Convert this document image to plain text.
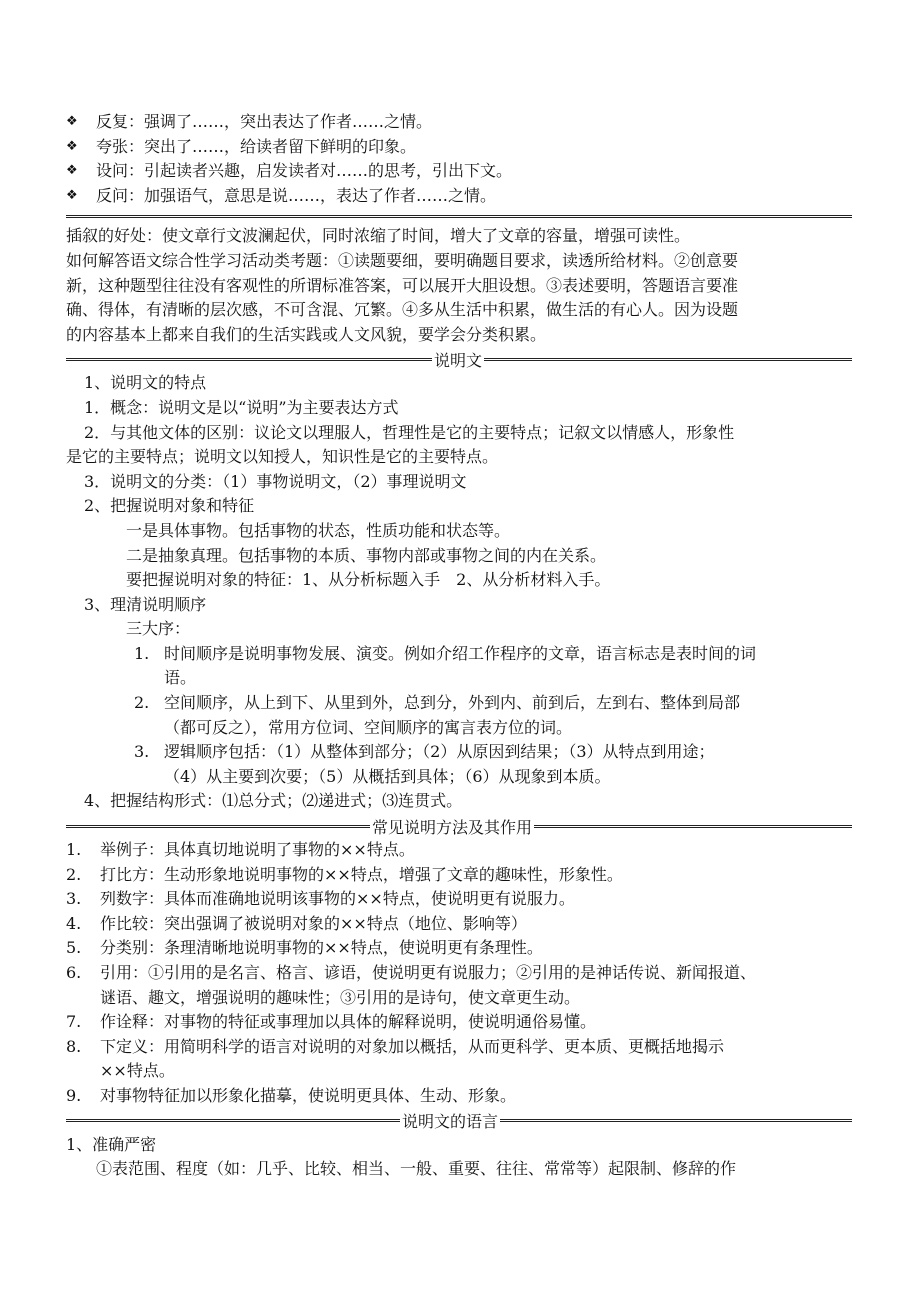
❖	反复：强调了……，突出表达了作者……之情。
❖	夸张：突出了……，给读者留下鲜明的印象。
❖	设问：引起读者兴趣，启发读者对……的思考，引出下文。
❖	反问：加强语气，意思是说……，表达了作者……之情。
插叙的好处：使文章行文波澜起伏，同时浓缩了时间，增大了文章的容量，增强可读性。
如何解答语文综合性学习活动类考题：①读题要细，要明确题目要求，读透所给材料。②创意要
新，这种题型往往没有客观性的所谓标准答案，可以展开大胆设想。③表述要明，答题语言要准
确、得体，有清晰的层次感，不可含混、冗繁。④多从生活中积累，做生活的有心人。因为设题
的内容基本上都来自我们的生活实践或人文风貌，要学会分类积累。
说明文
1、说明文的特点
1．概念：说明文是以“说明”为主要表达方式
2．与其他文体的区别：议论文以理服人，哲理性是它的主要特点；记叙文以情感人，形象性
是它的主要特点；说明文以知授人，知识性是它的主要特点。
3．说明文的分类：（1）事物说明文，（2）事理说明文
2、把握说明对象和特征
一是具体事物。包括事物的状态，性质功能和状态等。
二是抽象真理。包括事物的本质、事物内部或事物之间的内在关系。
要把握说明对象的特征：1、从分析标题入手　2、从分析材料入手。
3、理清说明顺序
三大序：
1. 时间顺序是说明事物发展、演变。例如介绍工作程序的文章，语言标志是表时间的词
语。
2. 空间顺序，从上到下、从里到外，总到分，外到内、前到后，左到右、整体到局部
（都可反之），常用方位词、空间顺序的寓言表方位的词。
3. 逻辑顺序包括：（1）从整体到部分；（2）从原因到结果；（3）从特点到用途；
（4）从主要到次要；（5）从概括到具体；（6）从现象到本质。
4、把握结构形式：⑴总分式；⑵递进式；⑶连贯式。
常见说明方法及其作用
1.	举例子：具体真切地说明了事物的××特点。
2.	打比方：生动形象地说明事物的××特点，增强了文章的趣味性，形象性。
3.	列数字：具体而准确地说明该事物的××特点，使说明更有说服力。
4.	作比较：突出强调了被说明对象的××特点（地位、影响等）
5.	分类别：条理清晰地说明事物的××特点，使说明更有条理性。
6.	引用：①引用的是名言、格言、谚语，使说明更有说服力；②引用的是神话传说、新闻报道、
谜语、趣文，增强说明的趣味性；③引用的是诗句，使文章更生动。
7.	作诠释：对事物的特征或事理加以具体的解释说明，使说明通俗易懂。
8.	下定义：用简明科学的语言对说明的对象加以概括，从而更科学、更本质、更概括地揭示
××特点。
9.	对事物特征加以形象化描摹，使说明更具体、生动、形象。
说明文的语言
1、准确严密
①表范围、程度（如：几乎、比较、相当、一般、重要、往往、常常等）起限制、修辞的作
